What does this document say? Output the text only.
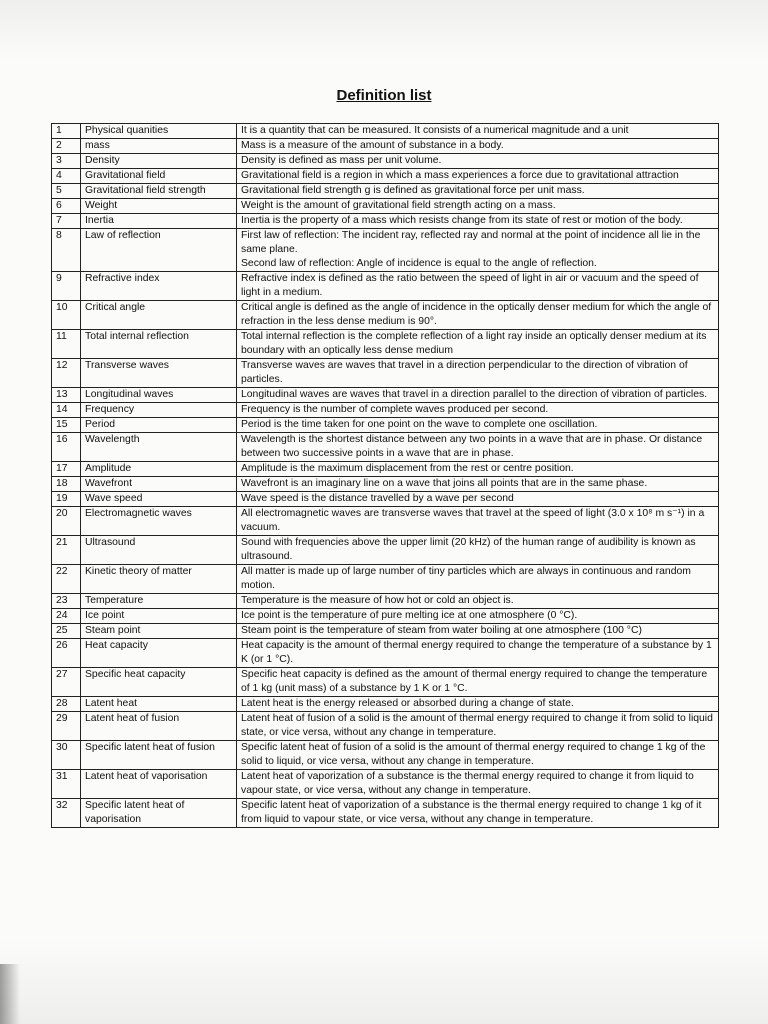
Definition list
1	Physical quanities	It is a quantity that can be measured. It consists of a numerical magnitude and a unit
2	mass	Mass is a measure of the amount of substance in a body.
3	Density	Density is defined as mass per unit volume.
4	Gravitational field	Gravitational field is a region in which a mass experiences a force due to gravitational attraction
5	Gravitational field strength	Gravitational field strength g is defined as gravitational force per unit mass.
6	Weight	Weight is the amount of gravitational field strength acting on a mass.
7	Inertia	Inertia is the property of a mass which resists change from its state of rest or motion of the body.
8	Law of reflection	First law of reflection: The incident ray, reflected ray and normal at the point of incidence all lie in the same plane.
Second law of reflection: Angle of incidence is equal to the angle of reflection.
9	Refractive index	Refractive index is defined as the ratio between the speed of light in air or vacuum and the speed of light in a medium.
10	Critical angle	Critical angle is defined as the angle of incidence in the optically denser medium for which the angle of refraction in the less dense medium is 90°.
11	Total internal reflection	Total internal reflection is the complete reflection of a light ray inside an optically denser medium at its boundary with an optically less dense medium
12	Transverse waves	Transverse waves are waves that travel in a direction perpendicular to the direction of vibration of particles.
13	Longitudinal waves	Longitudinal waves are waves that travel in a direction parallel to the direction of vibration of particles.
14	Frequency	Frequency is the number of complete waves produced per second.
15	Period	Period is the time taken for one point on the wave to complete one oscillation.
16	Wavelength	Wavelength is the shortest distance between any two points in a wave that are in phase. Or distance between two successive points in a wave that are in phase.
17	Amplitude	Amplitude is the maximum displacement from the rest or centre position.
18	Wavefront	Wavefront is an imaginary line on a wave that joins all points that are in the same phase.
19	Wave speed	Wave speed is the distance travelled by a wave per second
20	Electromagnetic waves	All electromagnetic waves are transverse waves that travel at the speed of light (3.0 x 10⁸ m s⁻¹) in a vacuum.
21	Ultrasound	Sound with frequencies above the upper limit (20 kHz) of the human range of audibility is known as ultrasound.
22	Kinetic theory of matter	All matter is made up of large number of tiny particles which are always in continuous and random motion.
23	Temperature	Temperature is the measure of how hot or cold an object is.
24	Ice point	Ice point is the temperature of pure melting ice at one atmosphere (0 °C).
25	Steam point	Steam point is the temperature of steam from water boiling at one atmosphere (100 °C)
26	Heat capacity	Heat capacity is the amount of thermal energy required to change the temperature of a substance by 1 K (or 1 °C).
27	Specific heat capacity	Specific heat capacity is defined as the amount of thermal energy required to change the temperature of 1 kg (unit mass) of a substance by 1 K or 1 °C.
28	Latent heat	Latent heat is the energy released or absorbed during a change of state.
29	Latent heat of fusion	Latent heat of fusion of a solid is the amount of thermal energy required to change it from solid to liquid state, or vice versa, without any change in temperature.
30	Specific latent heat of fusion	Specific latent heat of fusion of a solid is the amount of thermal energy required to change 1 kg of the solid to liquid, or vice versa, without any change in temperature.
31	Latent heat of vaporisation	Latent heat of vaporization of a substance is the thermal energy required to change it from liquid to vapour state, or vice versa, without any change in temperature.
32	Specific latent heat of vaporisation	Specific latent heat of vaporization of a substance is the thermal energy required to change 1 kg of it from liquid to vapour state, or vice versa, without any change in temperature.
